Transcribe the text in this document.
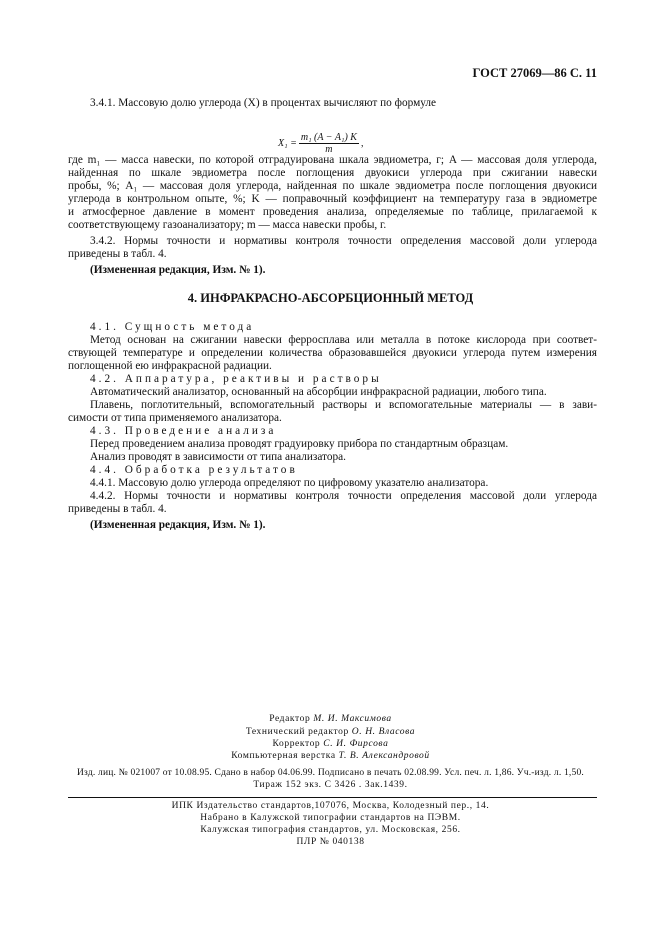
ГОСТ 27069—86 С. 11
3.4.1. Массовую долю углерода (X) в процентах вычисляют по формуле
$X_1 = \frac{\text{m₁ (A − A₁) K}}{m}$ ,
где m₁ — масса навески, по которой отградуирована шкала эвдиометра, г; A — массовая доля углерода,
найденная по шкале эвдиометра после поглощения двуокиси углерода при сжигании навески
пробы, %; A₁ — массовая доля углерода, найденная по шкале эвдиометра после поглощения двуокиси
углерода в контрольном опыте, %; K — поправочный коэффициент на температуру газа в эвдиометре
и атмосферное давление в момент проведения анализа, определяемые по таблице, прилагаемой к
соответствующему газоанализатору; m — масса навески пробы, г.
3.4.2. Нормы точности и нормативы контроля точности определения массовой доли углерода
приведены в табл. 4.
(Измененная редакция, Изм. № 1).
4. ИНФРАКРАСНО-АБСОРБЦИОННЫЙ МЕТОД
4.1. Сущность метода
Метод основан на сжигании навески ферросплава или металла в потоке кислорода при соответ-
ствующей температуре и определении количества образовавшейся двуокиси углерода путем измерения
поглощенной ею инфракрасной радиации.
4.2. Аппаратура, реактивы и растворы
Автоматический анализатор, основанный на абсорбции инфракрасной радиации, любого типа.
Плавень, поглотительный, вспомогательный растворы и вспомогательные материалы — в зави-
симости от типа применяемого анализатора.
4.3. Проведение анализа
Перед проведением анализа проводят градуировку прибора по стандартным образцам.
Анализ проводят в зависимости от типа анализатора.
4.4. Обработка результатов
4.4.1. Массовую долю углерода определяют по цифровому указателю анализатора.
4.4.2. Нормы точности и нормативы контроля точности определения массовой доли углерода
приведены в табл. 4.
(Измененная редакция, Изм. № 1).
Редактор М. И. Максимова
Технический редактор О. Н. Власова
Корректор С. И. Фирсова
Компьютерная верстка Т. В. Александровой
Изд. лиц. № 021007 от 10.08.95. Сдано в набор 04.06.99. Подписано в печать 02.08.99. Усл. печ. л. 1,86. Уч.-изд. л. 1,50.
Тираж 152 экз. С 3426 . Зак.1439.
ИПК Издательство стандартов,107076, Москва, Колодезный пер., 14.
Набрано в Калужской типографии стандартов на ПЭВМ.
Калужская типография стандартов, ул. Московская, 256.
ПЛР № 040138
